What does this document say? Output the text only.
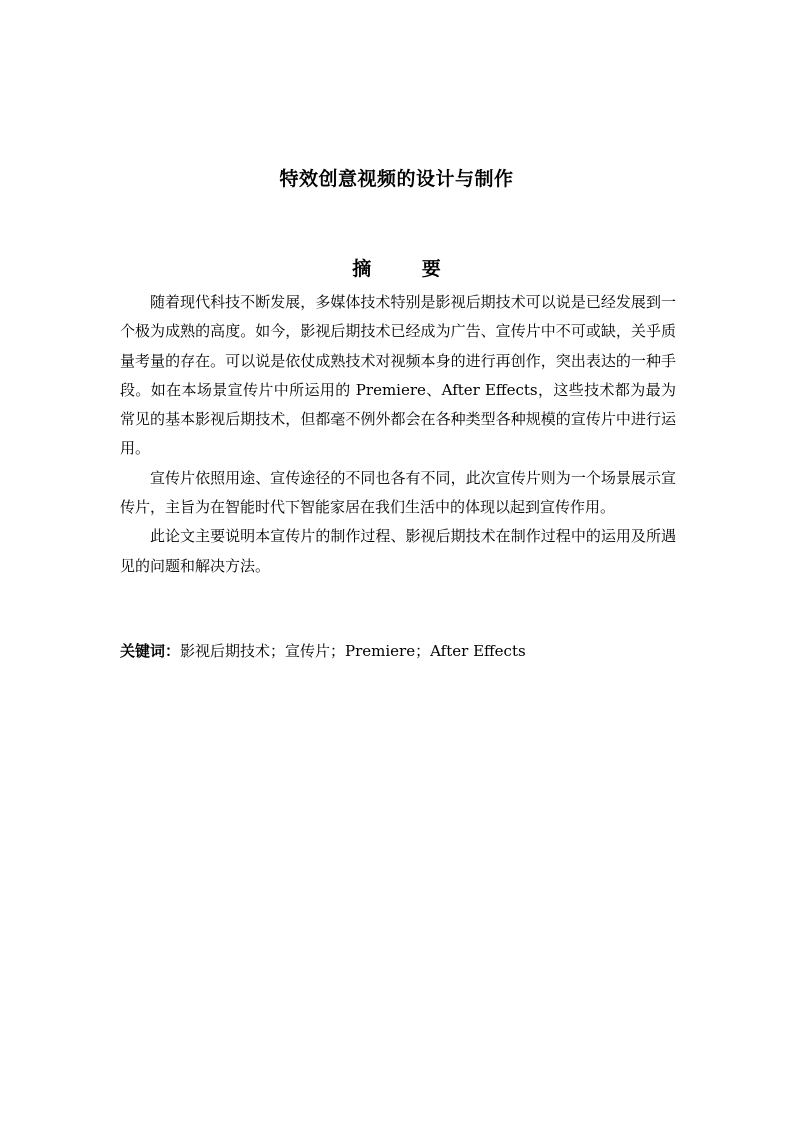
特效创意视频的设计与制作
摘 要

随着现代科技不断发展，多媒体技术特别是影视后期技术可以说是已经发展到一个极为成熟的高度。如今，影视后期技术已经成为广告、宣传片中不可或缺，关乎质量考量的存在。可以说是依仗成熟技术对视频本身的进行再创作，突出表达的一种手段。如在本场景宣传片中所运用的 Premiere、After Effects，这些技术都为最为常见的基本影视后期技术，但都毫不例外都会在各种类型各种规模的宣传片中进行运用。

宣传片依照用途、宣传途径的不同也各有不同，此次宣传片则为一个场景展示宣传片，主旨为在智能时代下智能家居在我们生活中的体现以起到宣传作用。

此论文主要说明本宣传片的制作过程、影视后期技术在制作过程中的运用及所遇见的问题和解决方法。

关键词：影视后期技术；宣传片；Premiere；After Effects
